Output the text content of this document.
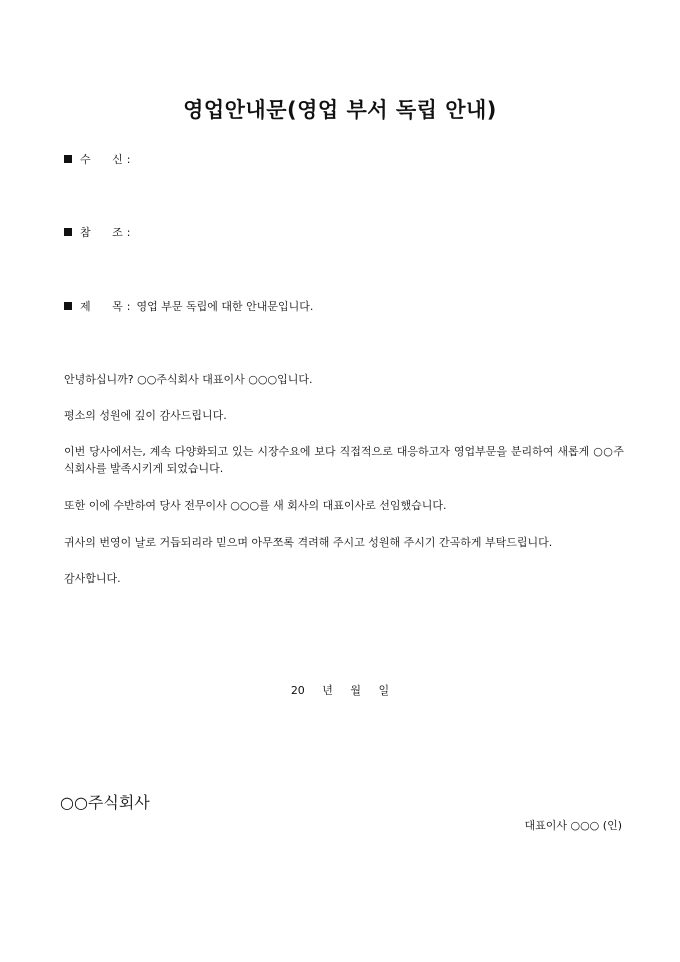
영업안내문(영업 부서 독립 안내)
수 신 :
참 조 :
제 목 : 영업 부문 독립에 대한 안내문입니다.
안녕하십니까? ○○주식회사 대표이사 ○○○입니다.
평소의 성원에 깊이 감사드립니다.
이번 당사에서는, 계속 다양화되고 있는 시장수요에 보다 직접적으로 대응하고자 영업부문을 분리하여 새롭게 ○○주식회사를 발족시키게 되었습니다.
또한 이에 수반하여 당사 전무이사 ○○○를 새 회사의 대표이사로 선임했습니다.
귀사의 번영이 날로 거듭되리라 믿으며 아무쪼록 격려해 주시고 성원해 주시기 간곡하게 부탁드립니다.
감사합니다.
20 년 월 일
○○주식회사
대표이사 ○○○ (인)
